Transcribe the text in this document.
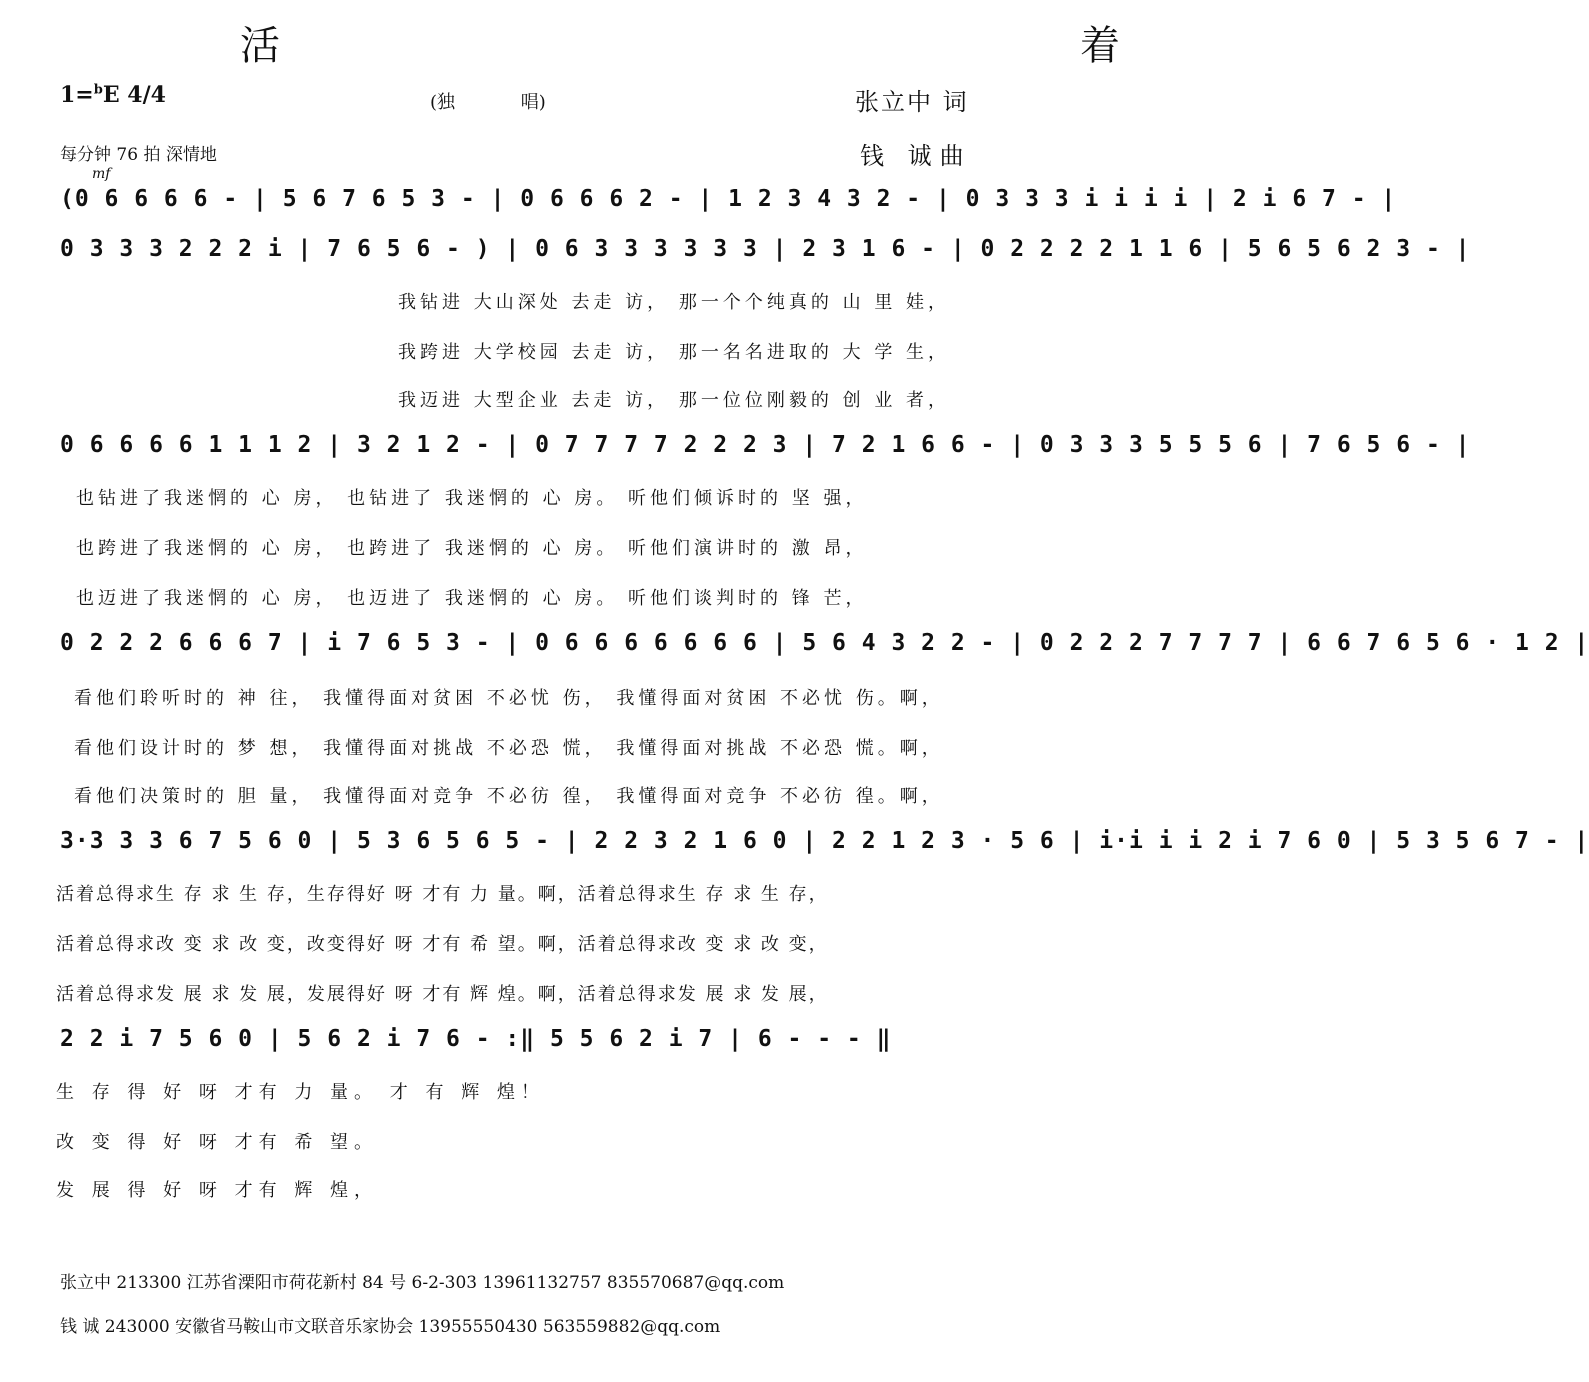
活　　着
1=$^b$E 4/4	(独 唱)	张立中 词
钱 诚曲
每分钟 76 拍 深情地
mf
(0 6 6 6 6 - | 5 6 7 6 5 3 - | 0 6 6 6 2 - | 1 2 3 4 3 2 - | 0 3 3 3 i i i i | 2 i 6 7 - |
0 3 3 3 2 2 2 i | 7 6 5 6 - ) | 0 6 3 3 3 3 3 3 | 2 3 1 6 - | 0 2 2 2 2 1 1 6 | 5 6 5 6 2 3 - |
我钻进 大山深处 去走 访， 那一个个纯真的 山 里 娃，
我跨进 大学校园 去走 访， 那一名名进取的 大 学 生，
我迈进 大型企业 去走 访， 那一位位刚毅的 创 业 者，
0 6 6 6 6 1 1 1 2 | 3 2 1 2 - | 0 7 7 7 7 2 2 2 3 | 7 2 1 6 6 - | 0 3 3 3 5 5 5 6 | 7 6 5 6 - |
也钻进了我迷惘的 心 房， 也钻进了 我迷惘的 心 房。 听他们倾诉时的 坚 强，
也跨进了我迷惘的 心 房， 也跨进了 我迷惘的 心 房。 听他们演讲时的 激 昂，
也迈进了我迷惘的 心 房， 也迈进了 我迷惘的 心 房。 听他们谈判时的 锋 芒，
0 2 2 2 6 6 6 7 | i 7 6 5 3 - | 0 6 6 6 6 6 6 6 | 5 6 4 3 2 2 - | 0 2 2 2 7 7 7 7 | 6 6 7 6 5 6 · 1 2 |
看他们聆听时的 神 往， 我懂得面对贫困 不必忧 伤， 我懂得面对贫困 不必忧 伤。啊，
看他们设计时的 梦 想， 我懂得面对挑战 不必恐 慌， 我懂得面对挑战 不必恐 慌。啊，
看他们决策时的 胆 量， 我懂得面对竞争 不必彷 徨， 我懂得面对竞争 不必彷 徨。啊，
3·3 3 3 6 7 5 6 0 | 5 3 6 5 6 5 - | 2 2 3 2 1 6 0 | 2 2 1 2 3 · 5 6 | i·i i i 2 i 7 6 0 | 5 3 5 6 7 - |
活着总得求生 存 求 生 存，生存得好 呀 才有 力 量。啊，活着总得求生 存 求 生 存，
活着总得求改 变 求 改 变，改变得好 呀 才有 希 望。啊，活着总得求改 变 求 改 变，
活着总得求发 展 求 发 展，发展得好 呀 才有 辉 煌。啊，活着总得求发 展 求 发 展，
2 2 i 7 5 6 0 | 5 6 2 i 7 6 - :‖ 5 5 6 2 i 7 | 6 - - - ‖
生 存 得 好 呀 才有 力 量。 才 有 辉 煌！
改 变 得 好 呀 才有 希 望。
发 展 得 好 呀 才有 辉 煌，
张立中 213300 江苏省溧阳市荷花新村 84 号 6-2-303 13961132757 835570687@qq.com
钱 诚 243000 安徽省马鞍山市文联音乐家协会 13955550430 563559882@qq.com
